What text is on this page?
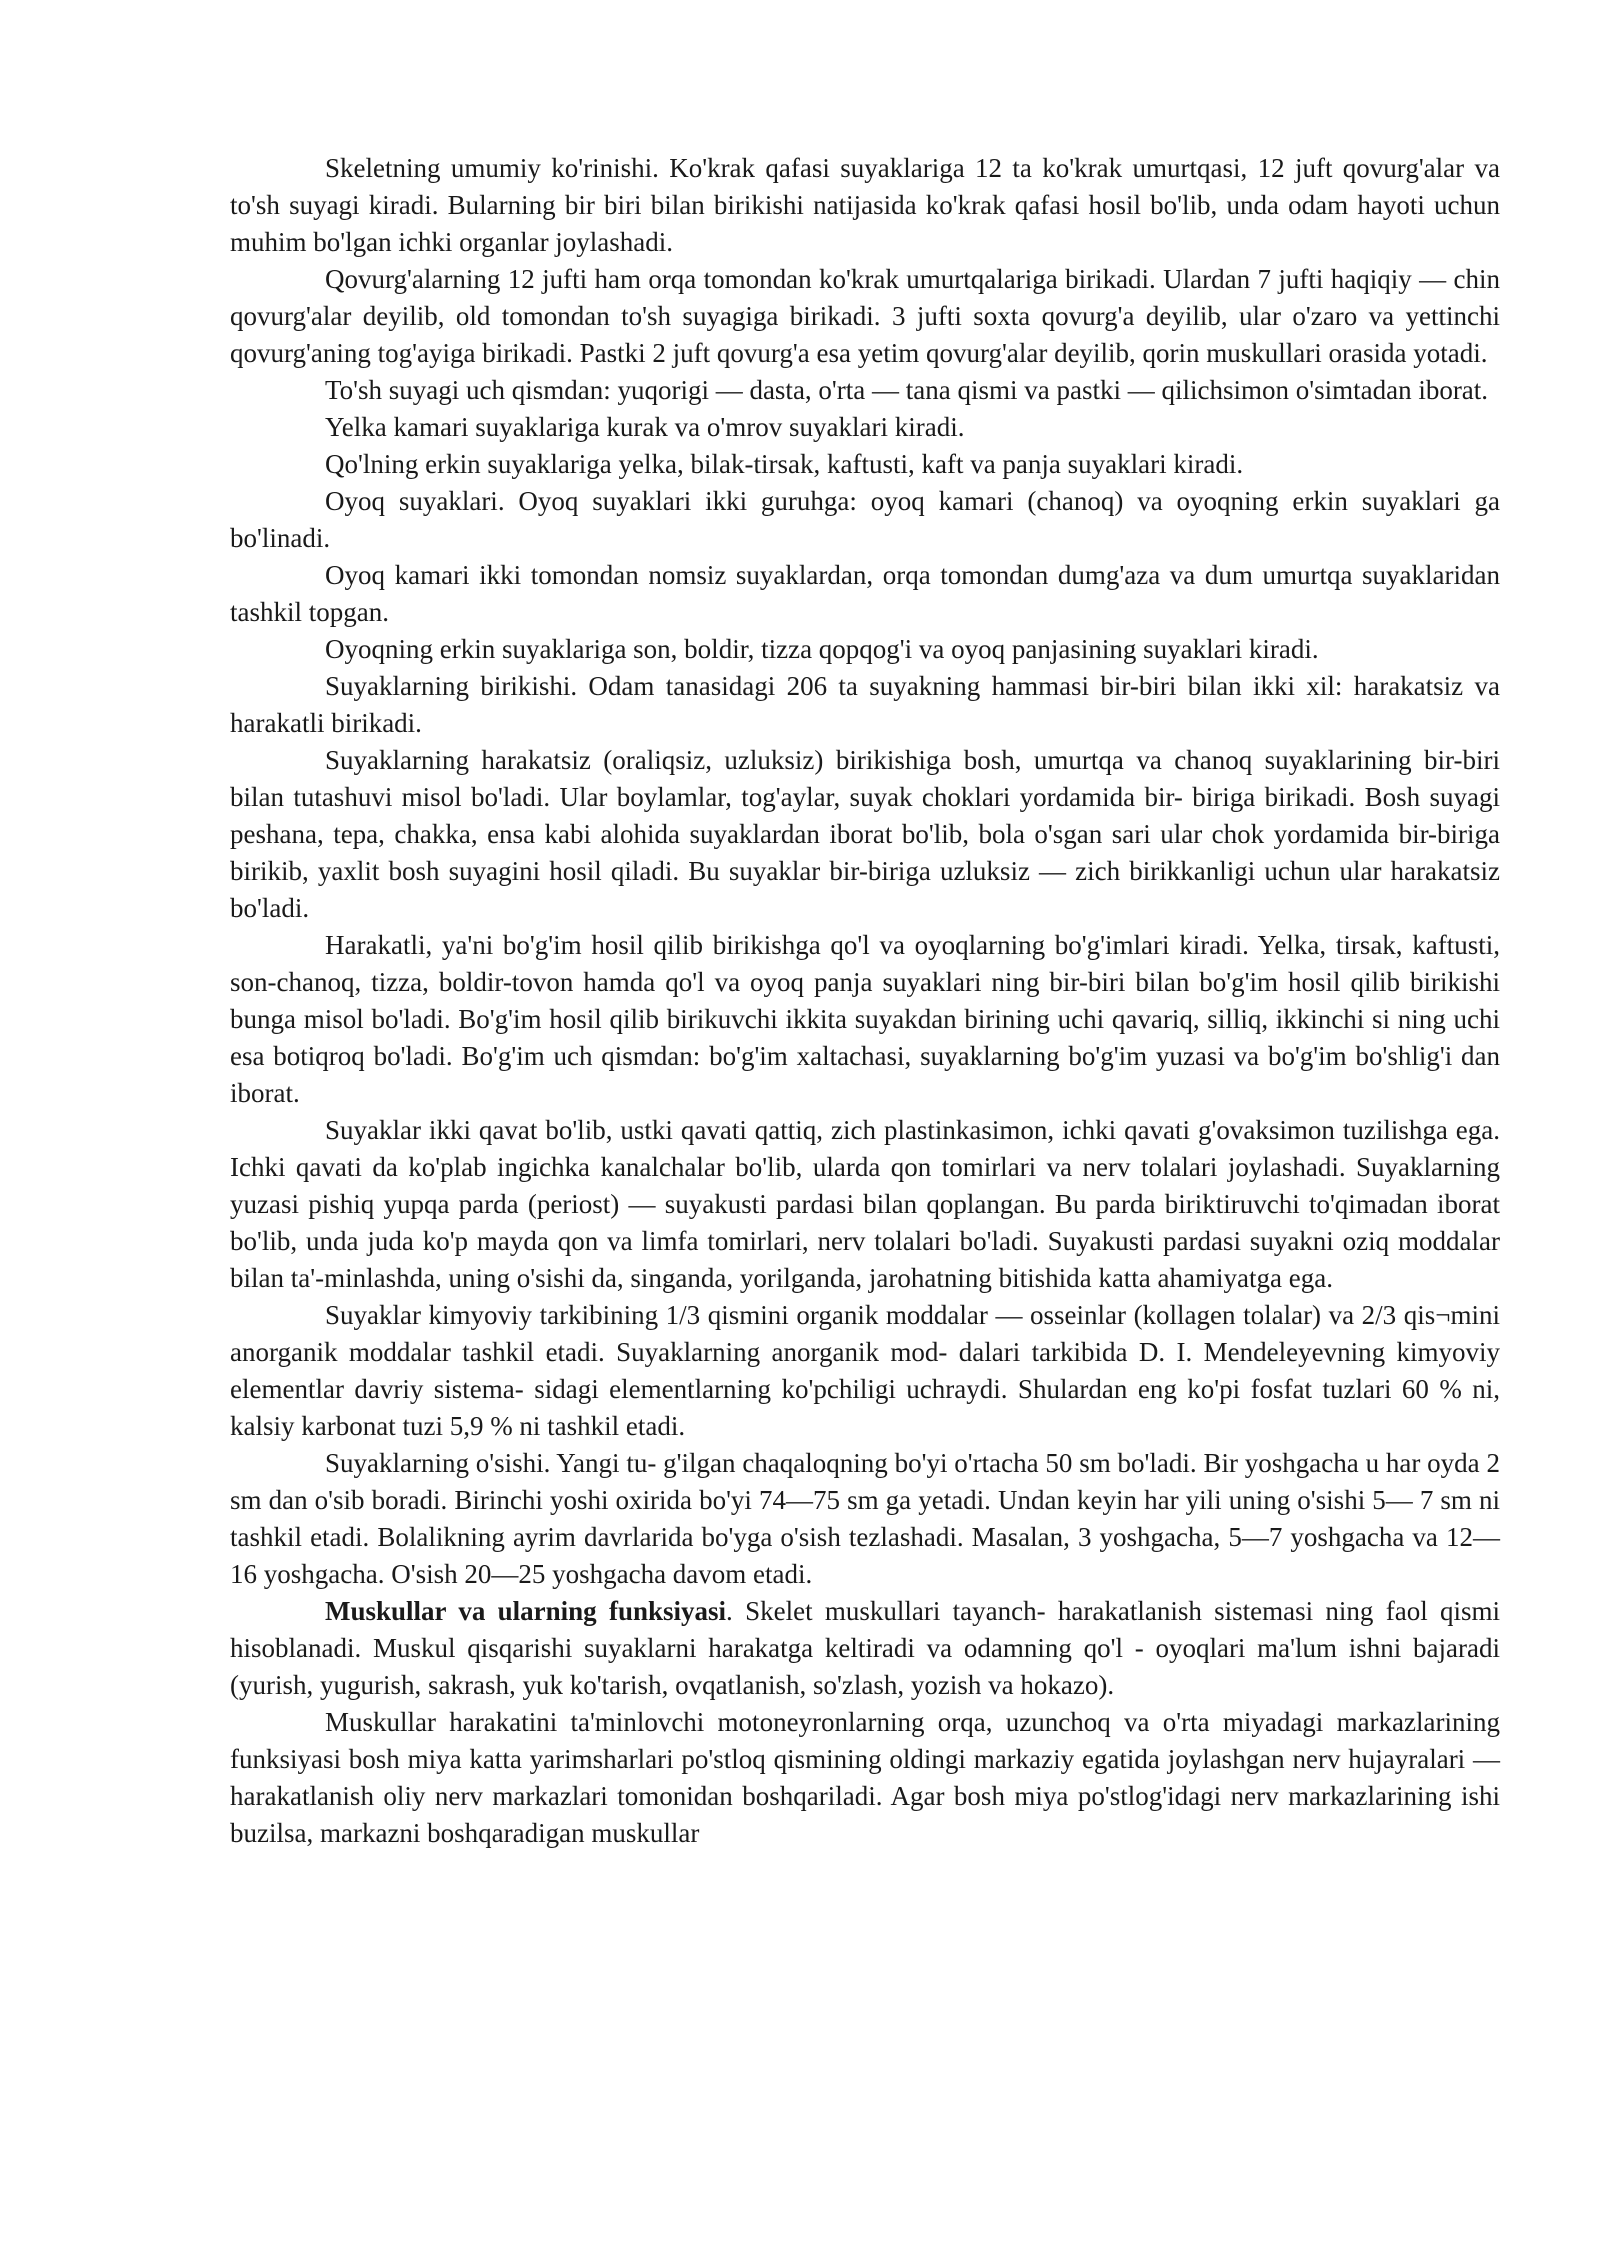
Skeletning umumiy ko'rinishi. Ko'krak qafasi suyaklariga 12 ta ko'krak umurtqasi, 12 juft qovurg'alar va to'sh suyagi kiradi. Bularning bir biri bilan birikishi natijasida ko'krak qafasi hosil bo'lib, unda odam hayoti uchun muhim bo'lgan ichki organlar joylashadi.

Qovurg'alarning 12 jufti ham orqa tomondan ko'krak umurtqalariga birikadi. Ulardan 7 jufti haqiqiy — chin qovurg'alar deyilib, old tomondan to'sh suyagiga birikadi. 3 jufti soxta qovurg'a deyilib, ular o'zaro va yettinchi qovurg'aning tog'ayiga birikadi. Pastki 2 juft qovurg'a esa yetim qovurg'alar deyilib, qorin muskullari orasida yotadi.

To'sh suyagi uch qismdan: yuqorigi — dasta, o'rta — tana qismi va pastki — qilichsimon o'simtadan iborat.

Yelka kamari suyaklariga kurak va o'mrov suyaklari kiradi.

Qo'lning erkin suyaklariga yelka, bilak-tirsak, kaftusti, kaft va panja suyaklari kiradi.

Oyoq suyaklari. Oyoq suyaklari ikki guruhga: oyoq kamari (chanoq) va oyoqning erkin suyaklari ga bo'linadi.

Oyoq kamari ikki tomondan nomsiz suyaklardan, orqa tomondan dumg'aza va dum umurtqa suyaklaridan tashkil topgan.

Oyoqning erkin suyaklariga son, boldir, tizza qopqog'i va oyoq panjasining suyaklari kiradi.

Suyaklarning birikishi. Odam tanasidagi 206 ta suyakning hammasi bir-biri bilan ikki xil: harakatsiz va harakatli birikadi.

Suyaklarning harakatsiz (oraliqsiz, uzluksiz) birikishiga bosh, umurtqa va chanoq suyaklarining bir-biri bilan tutashuvi misol bo'ladi. Ular boylamlar, tog'aylar, suyak choklari yordamida bir- biriga birikadi. Bosh suyagi peshana, tepa, chakka, ensa kabi alohida suyaklardan iborat bo'lib, bola o'sgan sari ular chok yordamida bir-biriga birikib, yaxlit bosh suyagini hosil qiladi. Bu suyaklar bir-biriga uzluksiz — zich birikkanligi uchun ular harakatsiz bo'ladi.

Harakatli, ya'ni bo'g'im hosil qilib birikishga qo'l va oyoqlarning bo'g'imlari kiradi. Yelka, tirsak, kaftusti, son-chanoq, tizza, boldir-tovon hamda qo'l va oyoq panja suyaklari ning bir-biri bilan bo'g'im hosil qilib birikishi bunga misol bo'ladi. Bo'g'im hosil qilib birikuvchi ikkita suyakdan birining uchi qavariq, silliq, ikkinchi si ning uchi esa botiqroq bo'ladi. Bo'g'im uch qismdan: bo'g'im xaltachasi, suyaklarning bo'g'im yuzasi va bo'g'im bo'shlig'i dan iborat.

Suyaklar ikki qavat bo'lib, ustki qavati qattiq, zich plastinkasimon, ichki qavati g'ovaksimon tuzilishga ega. Ichki qavati da ko'plab ingichka kanalchalar bo'lib, ularda qon tomirlari va nerv tolalari joylashadi. Suyaklarning yuzasi pishiq yupqa parda (periost) — suyakusti pardasi bilan qoplangan. Bu parda biriktiruvchi to'qimadan iborat bo'lib, unda juda ko'p mayda qon va limfa tomirlari, nerv tolalari bo'ladi. Suyakusti pardasi suyakni oziq moddalar bilan ta'-minlashda, uning o'sishi da, singanda, yorilganda, jarohatning bitishida katta ahamiyatga ega.

Suyaklar kimyoviy tarkibining 1/3 qismini organik moddalar — osseinlar (kollagen tolalar) va 2/3 qis¬mini anorganik moddalar tashkil etadi. Suyaklarning anorganik mod- dalari tarkibida D. I. Mendeleyevning kimyoviy elementlar davriy sistema- sidagi elementlarning ko'pchiligi uchraydi. Shulardan eng ko'pi fosfat tuzlari 60 % ni, kalsiy karbonat tuzi 5,9 % ni tashkil etadi.

Suyaklarning o'sishi. Yangi tu- g'ilgan chaqaloqning bo'yi o'rtacha 50 sm bo'ladi. Bir yoshgacha u har oyda 2 sm dan o'sib boradi. Birinchi yoshi oxirida bo'yi 74—75 sm ga yetadi. Undan keyin har yili uning o'sishi 5— 7 sm ni tashkil etadi. Bolalikning ayrim davrlarida bo'yga o'sish tezlashadi. Masalan, 3 yoshgacha, 5—7 yoshgacha va 12—16 yoshgacha. O'sish 20—25 yoshgacha davom etadi.

Muskullar va ularning funksiyasi. Skelet muskullari tayanch- harakatlanish sistemasi ning faol qismi hisoblanadi. Muskul qisqarishi suyaklarni harakatga keltiradi va odamning qo'l - oyoqlari ma'lum ishni bajaradi (yurish, yugurish, sakrash, yuk ko'tarish, ovqatlanish, so'zlash, yozish va hokazo).

Muskullar harakatini ta'minlovchi motoneyronlarning orqa, uzunchoq va o'rta miyadagi markazlarining funksiyasi bosh miya katta yarimsharlari po'stloq qismining oldingi markaziy egatida joylashgan nerv hujayralari — harakatlanish oliy nerv markazlari tomonidan boshqariladi. Agar bosh miya po'stlog'idagi nerv markazlarining ishi buzilsa, markazni boshqaradigan muskullar
